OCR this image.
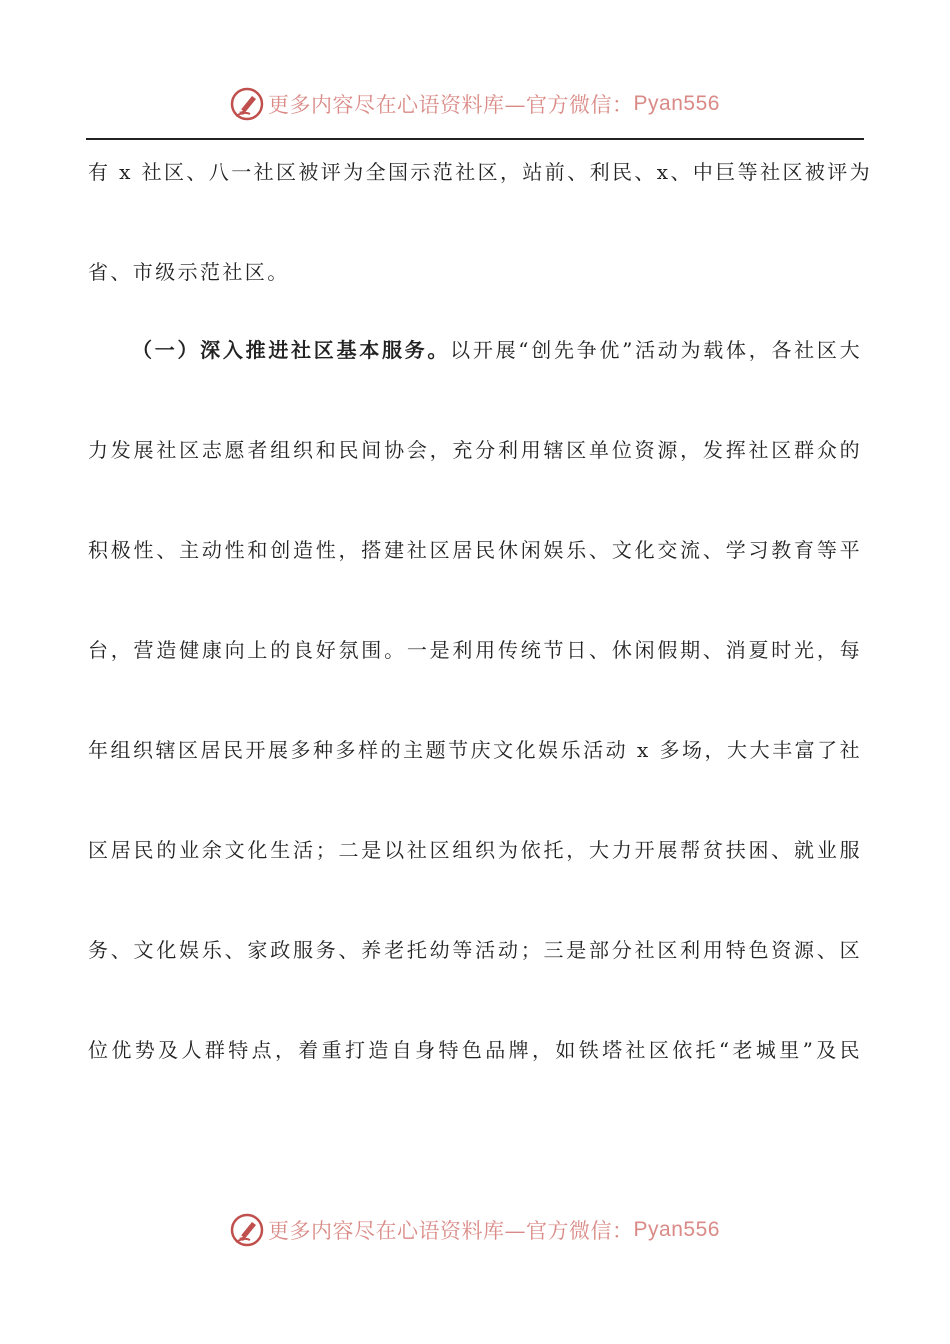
更多内容尽在心语资料库—官方微信： Pyan556
有 x 社区、八一社区被评为全国示范社区，站前、利民、x、中巨等社区被评为
省、市级示范社区。
（一）深入推进社区基本服务。以开展“创先争优”活动为载体，各社区大
力发展社区志愿者组织和民间协会，充分利用辖区单位资源，发挥社区群众的
积极性、主动性和创造性，搭建社区居民休闲娱乐、文化交流、学习教育等平
台，营造健康向上的良好氛围。一是利用传统节日、休闲假期、消夏时光，每
年组织辖区居民开展多种多样的主题节庆文化娱乐活动 x 多场，大大丰富了社
区居民的业余文化生活；二是以社区组织为依托，大力开展帮贫扶困、就业服
务、文化娱乐、家政服务、养老托幼等活动；三是部分社区利用特色资源、区
位优势及人群特点，着重打造自身特色品牌，如铁塔社区依托“老城里”及民
更多内容尽在心语资料库—官方微信： Pyan556
